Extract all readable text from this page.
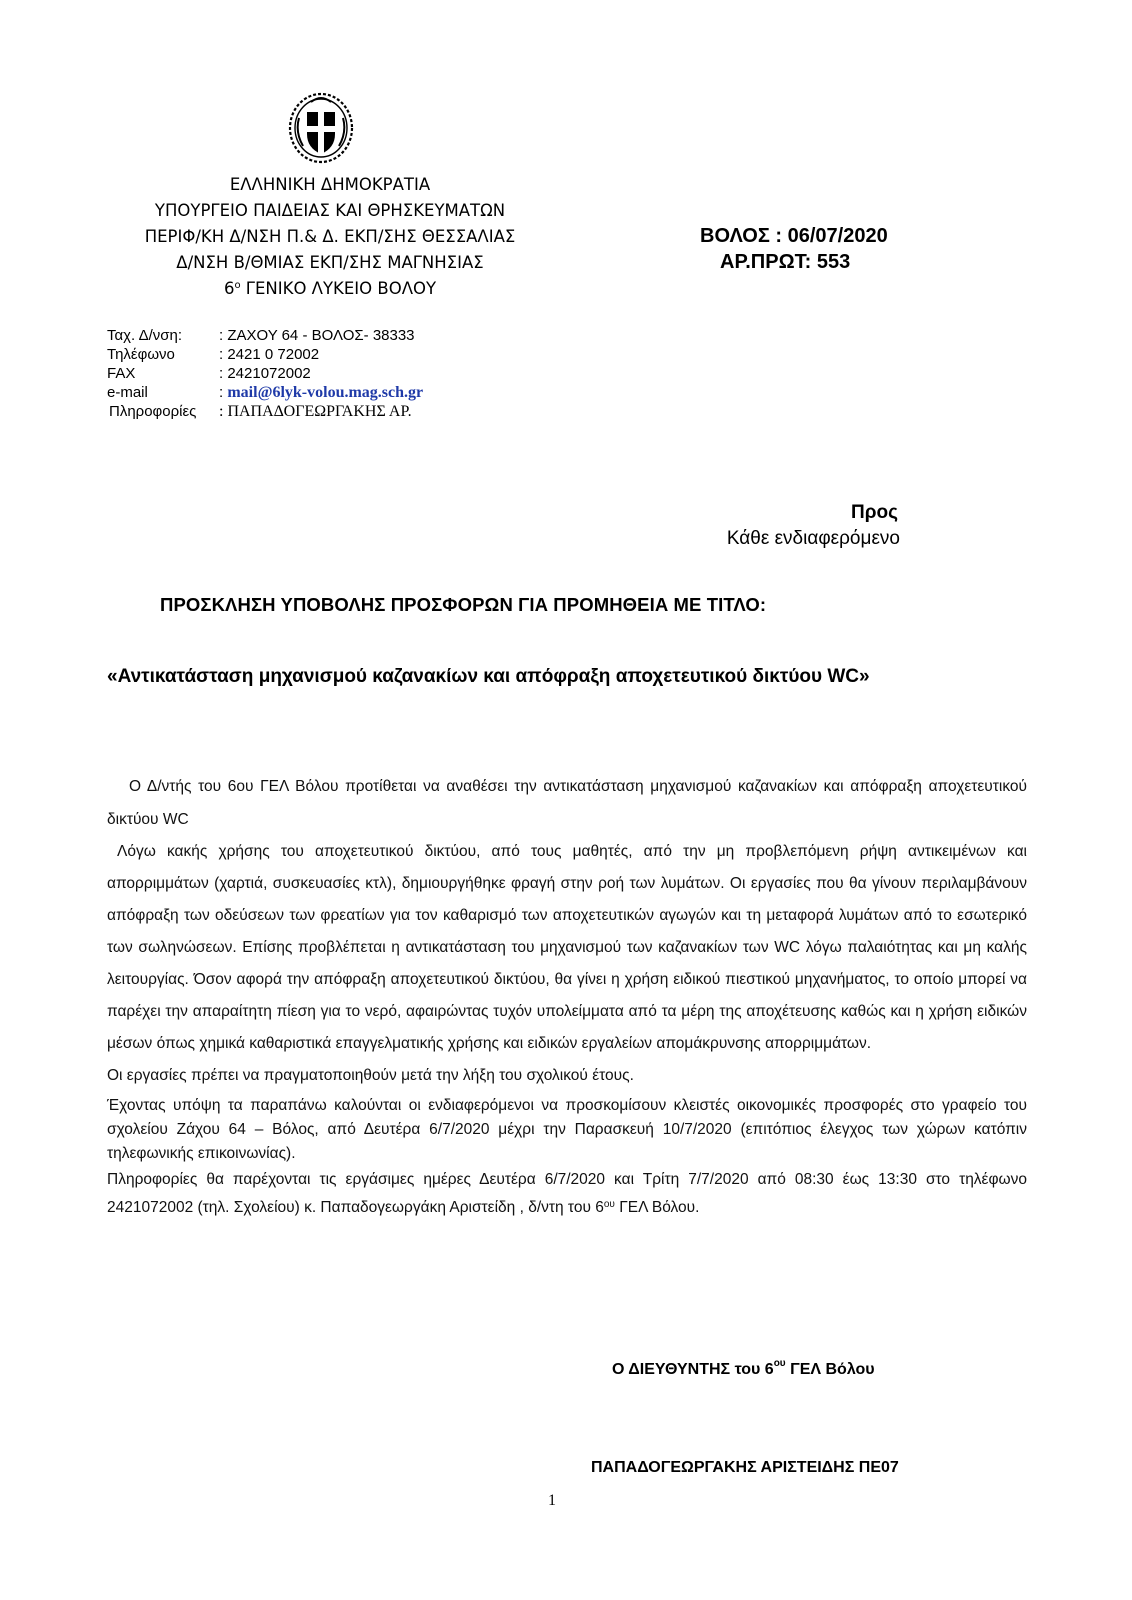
ΕΛΛΗΝΙΚΗ ΔΗΜΟΚΡΑΤΙΑ
ΥΠΟΥΡΓΕΙΟ ΠΑΙΔΕΙΑΣ ΚΑΙ ΘΡΗΣΚΕΥΜΑΤΩΝ
ΠΕΡΙΦ/ΚΗ Δ/ΝΣΗ Π.& Δ. ΕΚΠ/ΣΗΣ ΘΕΣΣΑΛΙΑΣ
Δ/ΝΣΗ Β/ΘΜΙΑΣ ΕΚΠ/ΣΗΣ ΜΑΓΝΗΣΙΑΣ
$6^o$ ΓΕΝΙΚΟ ΛΥΚΕΙΟ ΒΟΛΟΥ
ΒΟΛΟΣ : 06/07/2020
ΑΡ.ΠΡΩΤ: 553
Ταχ. Δ/νση:	: ΖΑΧΟΥ 64 - ΒΟΛΟΣ- 38333
Τηλέφωνο	: 2421 0 72002
FAX	: 2421072002
e-mail	: mail@6lyk-volou.mag.sch.gr
Πληροφορίες	: ΠΑΠΑΔΟΓΕΩΡΓΑΚΗΣ ΑΡ.
Προς
Κάθε ενδιαφερόμενο
ΠΡΟΣΚΛΗΣΗ ΥΠΟΒΟΛΗΣ ΠΡΟΣΦΟΡΩΝ ΓΙΑ ΠΡΟΜΗΘΕΙΑ ΜΕ ΤΙΤΛΟ:
«Αντικατάσταση μηχανισμού καζανακίων και απόφραξη αποχετευτικού δικτύου WC»

Ο Δ/ντής του 6ου ΓΕΛ Βόλου προτίθεται να αναθέσει την αντικατάσταση μηχανισμού καζανακίων και απόφραξη αποχετευτικού δικτύου WC

Λόγω κακής χρήσης του αποχετευτικού δικτύου, από τους μαθητές, από την μη προβλεπόμενη ρήψη αντικειμένων και απορριμμάτων (χαρτιά, συσκευασίες κτλ), δημιουργήθηκε φραγή στην ροή των λυμάτων. Οι εργασίες που θα γίνουν περιλαμβάνουν απόφραξη των οδεύσεων των φρεατίων για τον καθαρισμό των αποχετευτικών αγωγών και τη μεταφορά λυμάτων από το εσωτερικό των σωληνώσεων. Επίσης προβλέπεται η αντικατάσταση του μηχανισμού των καζανακίων των WC λόγω παλαιότητας και μη καλής λειτουργίας. Όσον αφορά την απόφραξη αποχετευτικού δικτύου, θα γίνει η χρήση ειδικού πιεστικού μηχανήματος, το οποίο μπορεί να παρέχει την απαραίτητη πίεση για το νερό, αφαιρώντας τυχόν υπολείμματα από τα μέρη της αποχέτευσης καθώς και η χρήση ειδικών μέσων όπως χημικά καθαριστικά επαγγελματικής χρήσης και ειδικών εργαλείων απομάκρυνσης απορριμμάτων.

Οι εργασίες πρέπει να πραγματοποιηθούν μετά την λήξη του σχολικού έτους.

Έχοντας υπόψη τα παραπάνω καλούνται οι ενδιαφερόμενοι να προσκομίσουν κλειστές οικονομικές προσφορές στο γραφείο του σχολείου Ζάχου 64 – Βόλος, από Δευτέρα 6/7/2020 μέχρι την Παρασκευή 10/7/2020 (επιτόπιος έλεγχος των χώρων κατόπιν τηλεφωνικής επικοινωνίας).

Πληροφορίες θα παρέχονται τις εργάσιμες ημέρες Δευτέρα 6/7/2020 και Τρίτη 7/7/2020 από 08:30 έως 13:30 στο τηλέφωνο 2421072002 (τηλ. Σχολείου) κ. Παπαδογεωργάκη Αριστείδη , δ/ντη του $6^{o\upsilon}$ ΓΕΛ Βόλου.

Ο ΔΙΕΥΘΥΝΤΗΣ του $6^{o\upsilon}$ ΓΕΛ Βόλου
ΠΑΠΑΔΟΓΕΩΡΓΑΚΗΣ ΑΡΙΣΤΕΙΔΗΣ ΠΕ07
1
